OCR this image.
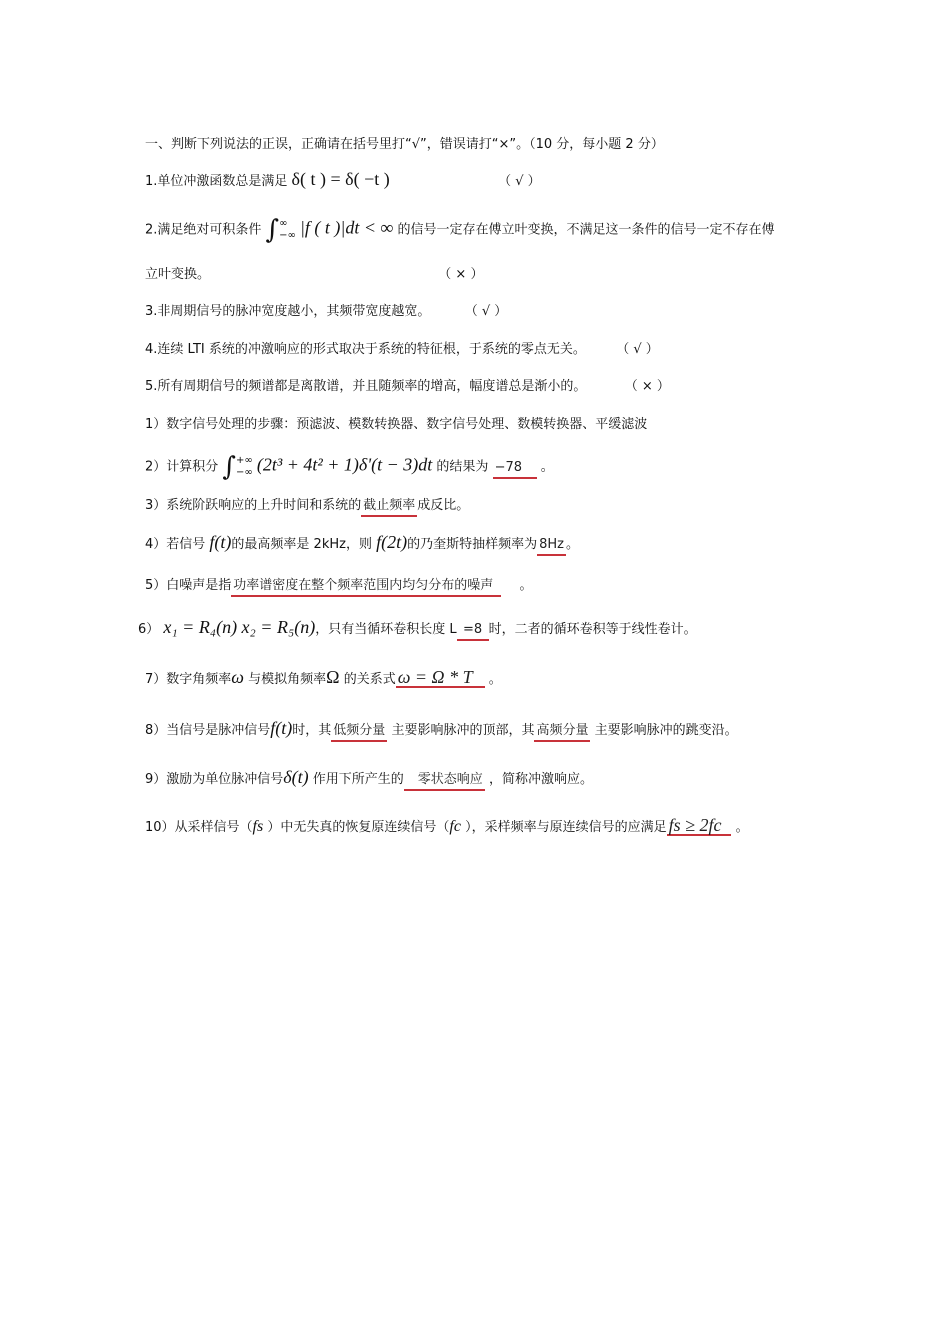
一、判断下列说法的正误，正确请在括号里打“√”，错误请打“×”。（10 分，每小题 2 分）
1.单位冲激函数总是满足 δ( t ) = δ( −t )	（ √ ）
2.满足绝对可积条件 ∫∞
−∞ |f ( t )|dt < ∞ 的信号一定存在傅立叶变换，不满足这一条件的信号一定不存在傅
立叶变换。	（ × ）
3.非周期信号的脉冲宽度越小，其频带宽度越宽。	（ √ ）
4.连续 LTI 系统的冲激响应的形式取决于系统的特征根，于系统的零点无关。 （ √ ）
5.所有周期信号的频谱都是离散谱，并且随频率的增高，幅度谱总是渐小的。	（ × ）
1）数字信号处理的步骤：预滤波、模数转换器、数字信号处理、数模转换器、平缓滤波
2）计算积分 ∫+∞
−∞ (2t³ + 4t² + 1)δ'(t − 3)dt 的结果为 −78 。
3）系统阶跃响应的上升时间和系统的 截止频率 成反比。
4）若信号 f(t)的最高频率是 2kHz，则 f(2t)的乃奎斯特抽样频率为 8Hz 。
5）白噪声是指 功率谱密度在整个频率范围内均匀分布的噪声 。
6） x₁ = R₄(n) x₂ = R₅(n)，只有当循环卷积长度 L =8 时，二者的循环卷积等于线性卷计。
7）数字角频率ω 与模拟角频率Ω 的关系式 ω = Ω * T 。
8）当信号是脉冲信号f(t)时，其 低频分量 主要影响脉冲的顶部，其 高频分量 主要影响脉冲的跳变沿。
9）激励为单位脉冲信号δ(t) 作用下所产生的 零状态响应 ，简称冲激响应。
10）从采样信号（fs ）中无失真的恢复原连续信号（fc ），采样频率与原连续信号的应满足 fs ≥ 2fc 。
